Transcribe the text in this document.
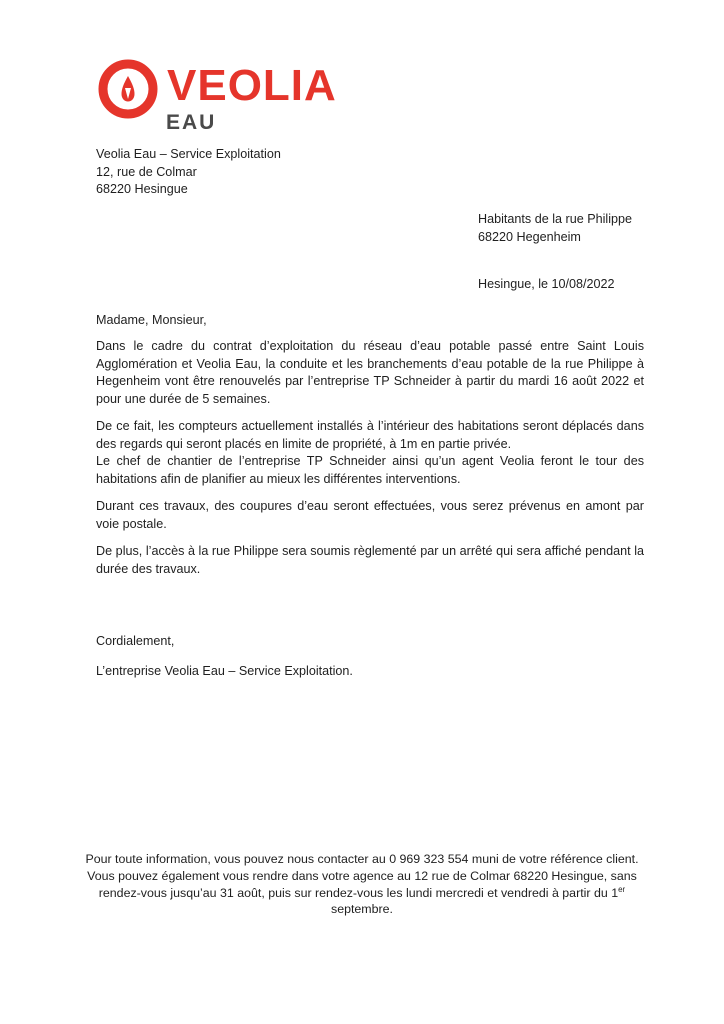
VEOLIA
EAU
Veolia Eau – Service Exploitation
12, rue de Colmar
68220 Hesingue
Habitants de la rue Philippe
68220 Hegenheim
Hesingue, le 10/08/2022
Madame, Monsieur,

Dans le cadre du contrat d’exploitation du réseau d’eau potable passé entre Saint Louis Agglomération et Veolia Eau, la conduite et les branchements d’eau potable de la rue Philippe à Hegenheim vont être renouvelés par l’entreprise TP Schneider à partir du mardi 16 août 2022 et pour une durée de 5 semaines.

De ce fait, les compteurs actuellement installés à l’intérieur des habitations seront déplacés dans des regards qui seront placés en limite de propriété, à 1m en partie privée.

Le chef de chantier de l’entreprise TP Schneider ainsi qu’un agent Veolia feront le tour des habitations afin de planifier au mieux les différentes interventions.

Durant ces travaux, des coupures d’eau seront effectuées, vous serez prévenus en amont par voie postale.

De plus, l’accès à la rue Philippe sera soumis règlementé par un arrêté qui sera affiché pendant la durée des travaux.

Cordialement,
L’entreprise Veolia Eau – Service Exploitation.
Pour toute information, vous pouvez nous contacter au 0 969 323 554 muni de votre référence client.
Vous pouvez également vous rendre dans votre agence au 12 rue de Colmar 68220 Hesingue, sans
rendez-vous jusqu’au 31 août, puis sur rendez-vous les lundi mercredi et vendredi à partir du 1er
septembre.
